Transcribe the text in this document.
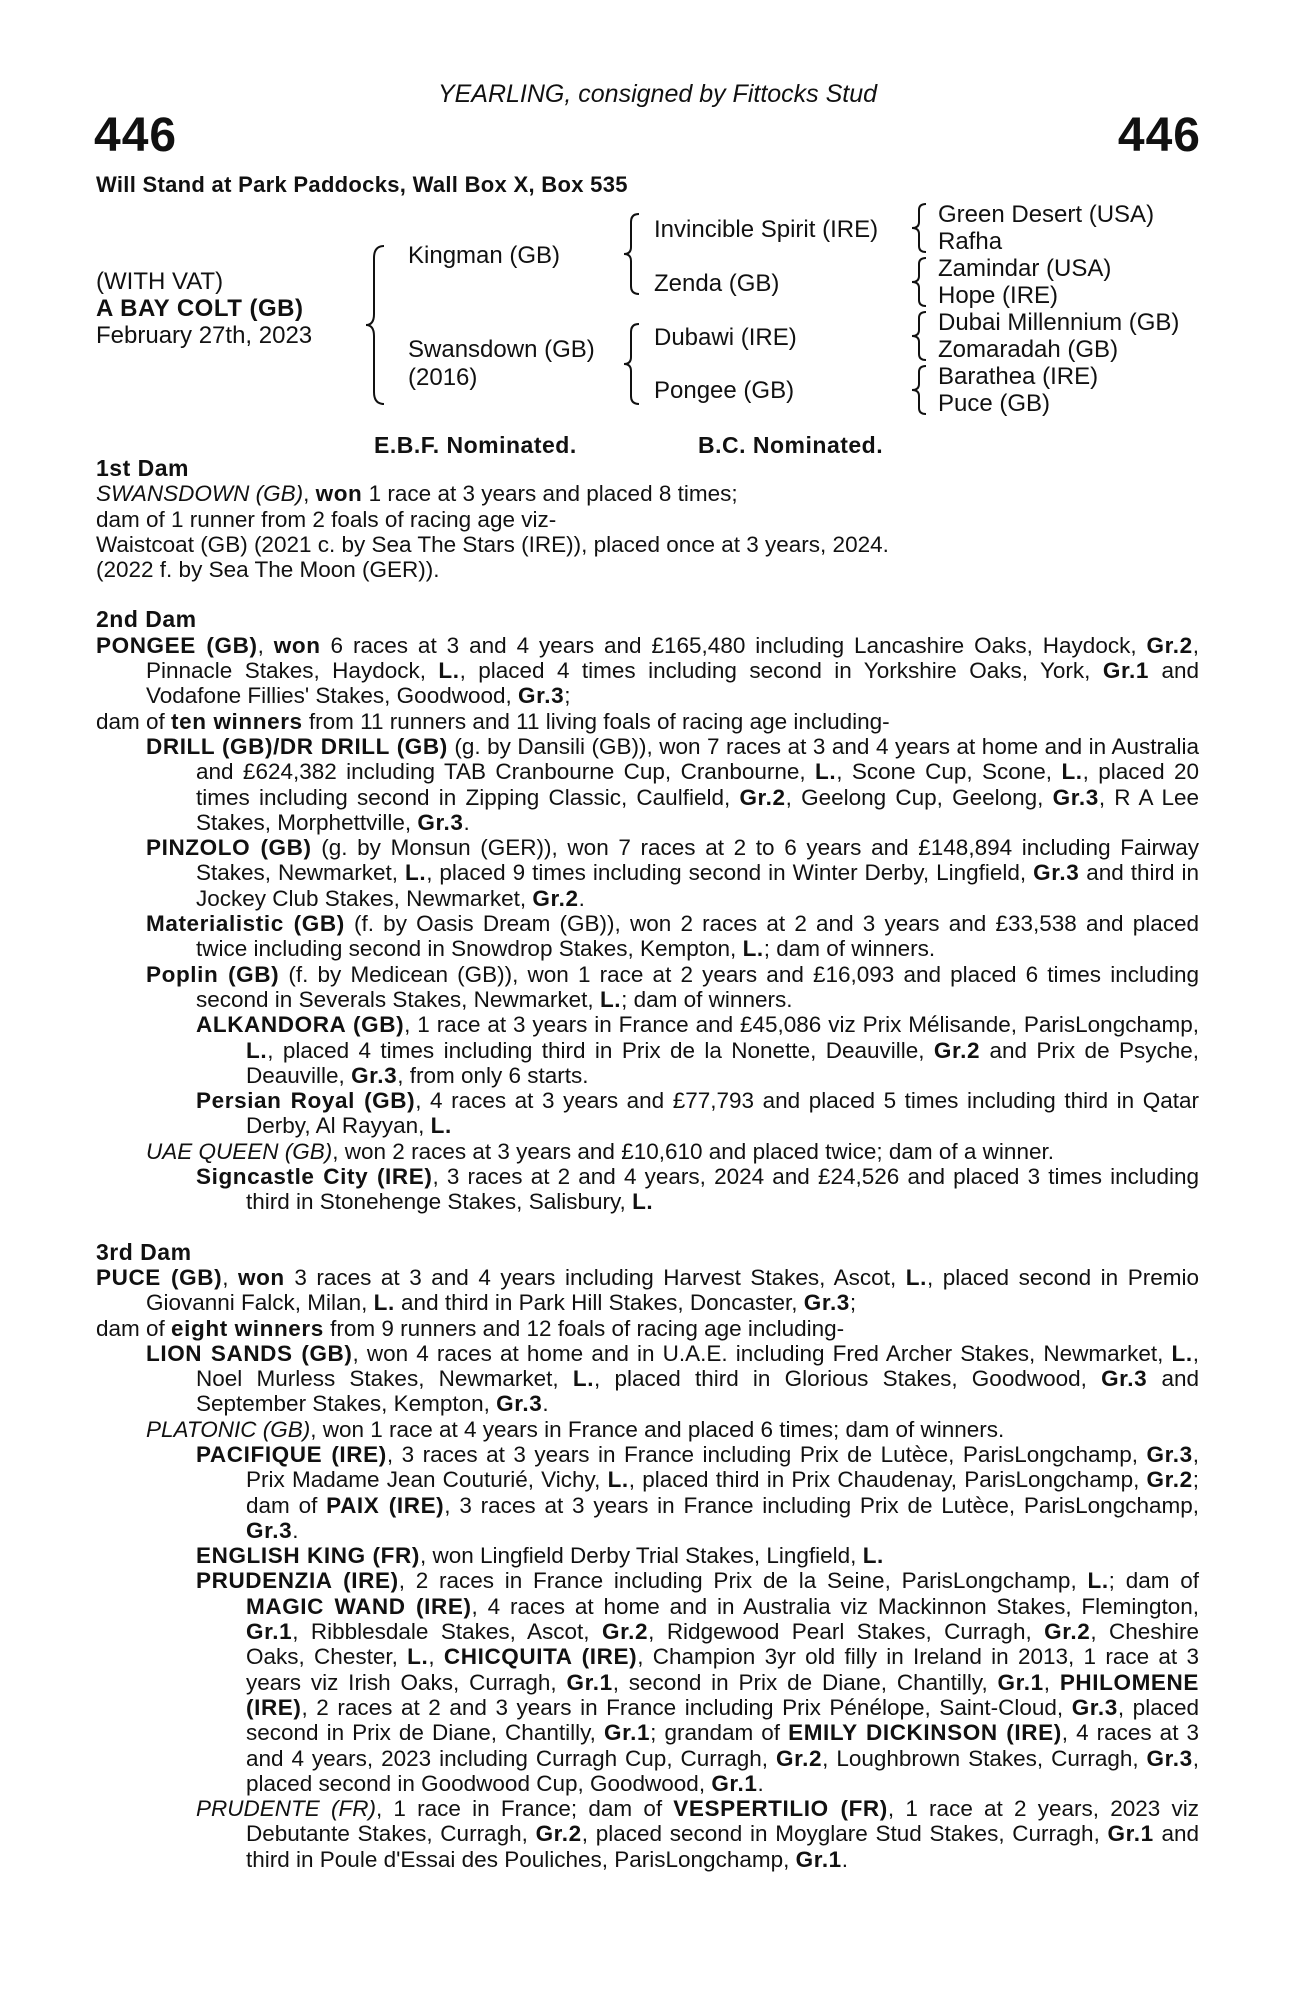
YEARLING, consigned by Fittocks Stud
446	446
Will Stand at Park Paddocks, Wall Box X, Box 535
(WITH VAT)
A BAY COLT (GB)
February 27th, 2023
Kingman (GB)
Swansdown (GB)
(2016)
Invincible Spirit (IRE)
Zenda (GB)
Dubawi (IRE)
Pongee (GB)
Green Desert (USA)
Rafha
Zamindar (USA)
Hope (IRE)
Dubai Millennium (GB)
Zomaradah (GB)
Barathea (IRE)
Puce (GB)
E.B.F. Nominated.	B.C. Nominated.
1st Dam
SWANSDOWN (GB), won 1 race at 3 years and placed 8 times;
dam of 1 runner from 2 foals of racing age viz-
Waistcoat (GB) (2021 c. by Sea The Stars (IRE)), placed once at 3 years, 2024.
(2022 f. by Sea The Moon (GER)).
2nd Dam
PONGEE (GB), won 6 races at 3 and 4 years and £165,480 including Lancashire Oaks, Haydock, Gr.2, Pinnacle Stakes, Haydock, L., placed 4 times including second in Yorkshire Oaks, York, Gr.1 and Vodafone Fillies' Stakes, Goodwood, Gr.3;
dam of ten winners from 11 runners and 11 living foals of racing age including-
DRILL (GB)/DR DRILL (GB) (g. by Dansili (GB)), won 7 races at 3 and 4 years at home and in Australia and £624,382 including TAB Cranbourne Cup, Cranbourne, L., Scone Cup, Scone, L., placed 20 times including second in Zipping Classic, Caulfield, Gr.2, Geelong Cup, Geelong, Gr.3, R A Lee Stakes, Morphettville, Gr.3.
PINZOLO (GB) (g. by Monsun (GER)), won 7 races at 2 to 6 years and £148,894 including Fairway Stakes, Newmarket, L., placed 9 times including second in Winter Derby, Lingfield, Gr.3 and third in Jockey Club Stakes, Newmarket, Gr.2.
Materialistic (GB) (f. by Oasis Dream (GB)), won 2 races at 2 and 3 years and £33,538 and placed twice including second in Snowdrop Stakes, Kempton, L.; dam of winners.
Poplin (GB) (f. by Medicean (GB)), won 1 race at 2 years and £16,093 and placed 6 times including second in Severals Stakes, Newmarket, L.; dam of winners.
ALKANDORA (GB), 1 race at 3 years in France and £45,086 viz Prix Mélisande, ParisLongchamp, L., placed 4 times including third in Prix de la Nonette, Deauville, Gr.2 and Prix de Psyche, Deauville, Gr.3, from only 6 starts.
Persian Royal (GB), 4 races at 3 years and £77,793 and placed 5 times including third in Qatar Derby, Al Rayyan, L.
UAE QUEEN (GB), won 2 races at 3 years and £10,610 and placed twice; dam of a winner.
Signcastle City (IRE), 3 races at 2 and 4 years, 2024 and £24,526 and placed 3 times including third in Stonehenge Stakes, Salisbury, L.
3rd Dam
PUCE (GB), won 3 races at 3 and 4 years including Harvest Stakes, Ascot, L., placed second in Premio Giovanni Falck, Milan, L. and third in Park Hill Stakes, Doncaster, Gr.3;
dam of eight winners from 9 runners and 12 foals of racing age including-
LION SANDS (GB), won 4 races at home and in U.A.E. including Fred Archer Stakes, Newmarket, L., Noel Murless Stakes, Newmarket, L., placed third in Glorious Stakes, Goodwood, Gr.3 and September Stakes, Kempton, Gr.3.
PLATONIC (GB), won 1 race at 4 years in France and placed 6 times; dam of winners.
PACIFIQUE (IRE), 3 races at 3 years in France including Prix de Lutèce, ParisLongchamp, Gr.3, Prix Madame Jean Couturié, Vichy, L., placed third in Prix Chaudenay, ParisLongchamp, Gr.2; dam of PAIX (IRE), 3 races at 3 years in France including Prix de Lutèce, ParisLongchamp, Gr.3.
ENGLISH KING (FR), won Lingfield Derby Trial Stakes, Lingfield, L.
PRUDENZIA (IRE), 2 races in France including Prix de la Seine, ParisLongchamp, L.; dam of MAGIC WAND (IRE), 4 races at home and in Australia viz Mackinnon Stakes, Flemington, Gr.1, Ribblesdale Stakes, Ascot, Gr.2, Ridgewood Pearl Stakes, Curragh, Gr.2, Cheshire Oaks, Chester, L., CHICQUITA (IRE), Champion 3yr old filly in Ireland in 2013, 1 race at 3 years viz Irish Oaks, Curragh, Gr.1, second in Prix de Diane, Chantilly, Gr.1, PHILOMENE (IRE), 2 races at 2 and 3 years in France including Prix Pénélope, Saint-Cloud, Gr.3, placed second in Prix de Diane, Chantilly, Gr.1; grandam of EMILY DICKINSON (IRE), 4 races at 3 and 4 years, 2023 including Curragh Cup, Curragh, Gr.2, Loughbrown Stakes, Curragh, Gr.3, placed second in Goodwood Cup, Goodwood, Gr.1.
PRUDENTE (FR), 1 race in France; dam of VESPERTILIO (FR), 1 race at 2 years, 2023 viz Debutante Stakes, Curragh, Gr.2, placed second in Moyglare Stud Stakes, Curragh, Gr.1 and third in Poule d'Essai des Pouliches, ParisLongchamp, Gr.1.
